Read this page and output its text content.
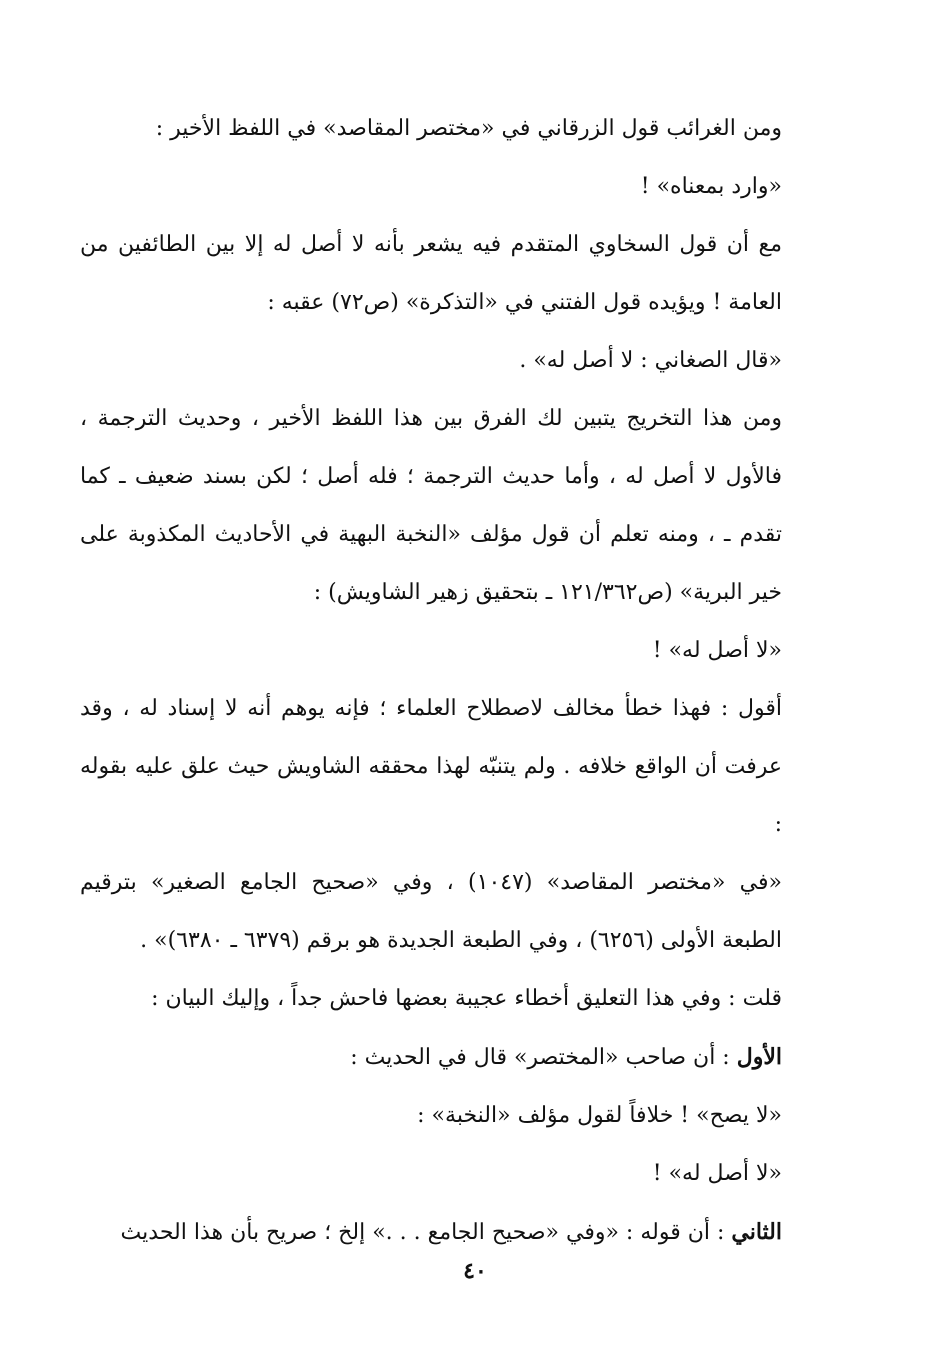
ومن الغرائب قول الزرقاني في «مختصر المقاصد» في اللفظ الأخير :

«وارد بمعناه» !

مع أن قول السخاوي المتقدم فيه يشعر بأنه لا أصل له إلا بين الطائفين من العامة ! ويؤيده قول الفتني في «التذكرة» (ص٧٢) عقبه :

«قال الصغاني : لا أصل له» .

ومن هذا التخريج يتبين لك الفرق بين هذا اللفظ الأخير ، وحديث الترجمة ، فالأول لا أصل له ، وأما حديث الترجمة ؛ فله أصل ؛ لكن بسند ضعيف ـ كما تقدم ـ ، ومنه تعلم أن قول مؤلف «النخبة البهية في الأحاديث المكذوبة على خير البرية» (ص١٢١/٣٦٢ ـ بتحقيق زهير الشاويش) :

«لا أصل له» !

أقول : فهذا خطأ مخالف لاصطلاح العلماء ؛ فإنه يوهم أنه لا إسناد له ، وقد عرفت أن الواقع خلافه . ولم يتنبّه لهذا محققه الشاويش حيث علق عليه بقوله :

«في «مختصر المقاصد» (١٠٤٧) ، وفي «صحيح الجامع الصغير» بترقيم الطبعة الأولى (٦٢٥٦) ، وفي الطبعة الجديدة هو برقم (٦٣٧٩ ـ ٦٣٨٠)» .

قلت : وفي هذا التعليق أخطاء عجيبة بعضها فاحش جداً ، وإليك البيان :

الأول : أن صاحب «المختصر» قال في الحديث :

«لا يصح» ! خلافاً لقول مؤلف «النخبة» :

«لا أصل له» !

الثاني : أن قوله : «وفي «صحيح الجامع . . .» إلخ ؛ صريح بأن هذا الحديث

٤٠
